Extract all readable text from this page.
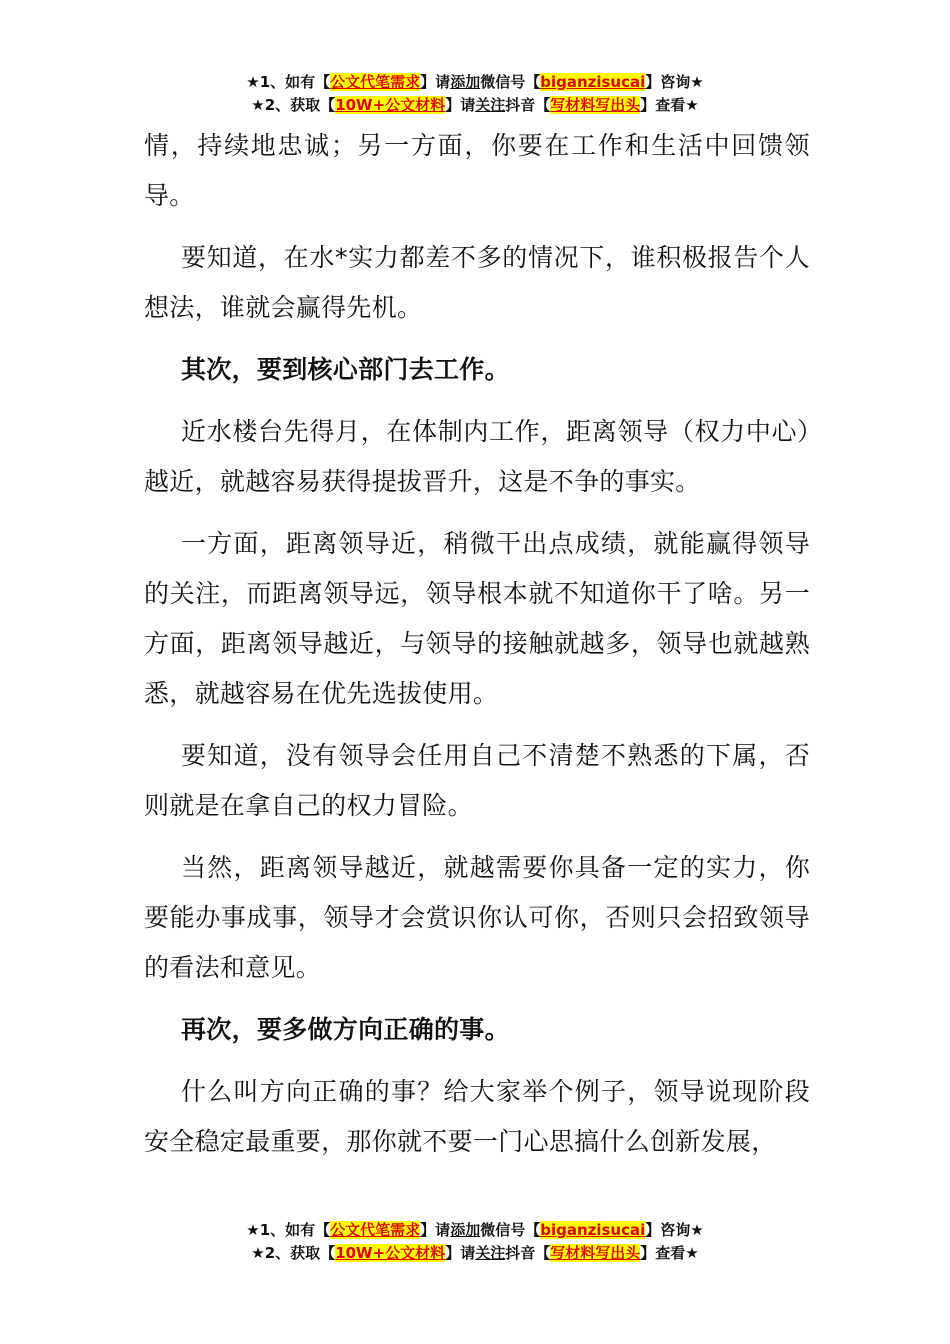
★1、如有【公文代笔需求】请添加微信号【biganzisucai】咨询★
★2、获取【10W+公文材料】请关注抖音【写材料写出头】查看★

情，持续地忠诚；另一方面，你要在工作和生活中回馈领导。

要知道，在水*实力都差不多的情况下，谁积极报告个人想法，谁就会赢得先机。

其次，要到核心部门去工作。

近水楼台先得月，在体制内工作，距离领导（权力中心）越近，就越容易获得提拔晋升，这是不争的事实。

一方面，距离领导近，稍微干出点成绩，就能赢得领导的关注，而距离领导远，领导根本就不知道你干了啥。另一方面，距离领导越近，与领导的接触就越多，领导也就越熟悉，就越容易在优先选拔使用。

要知道，没有领导会任用自己不清楚不熟悉的下属，否则就是在拿自己的权力冒险。

当然，距离领导越近，就越需要你具备一定的实力，你要能办事成事，领导才会赏识你认可你，否则只会招致领导的看法和意见。

再次，要多做方向正确的事。

什么叫方向正确的事？给大家举个例子，领导说现阶段安全稳定最重要，那你就不要一门心思搞什么创新发展，

★1、如有【公文代笔需求】请添加微信号【biganzisucai】咨询★
★2、获取【10W+公文材料】请关注抖音【写材料写出头】查看★
